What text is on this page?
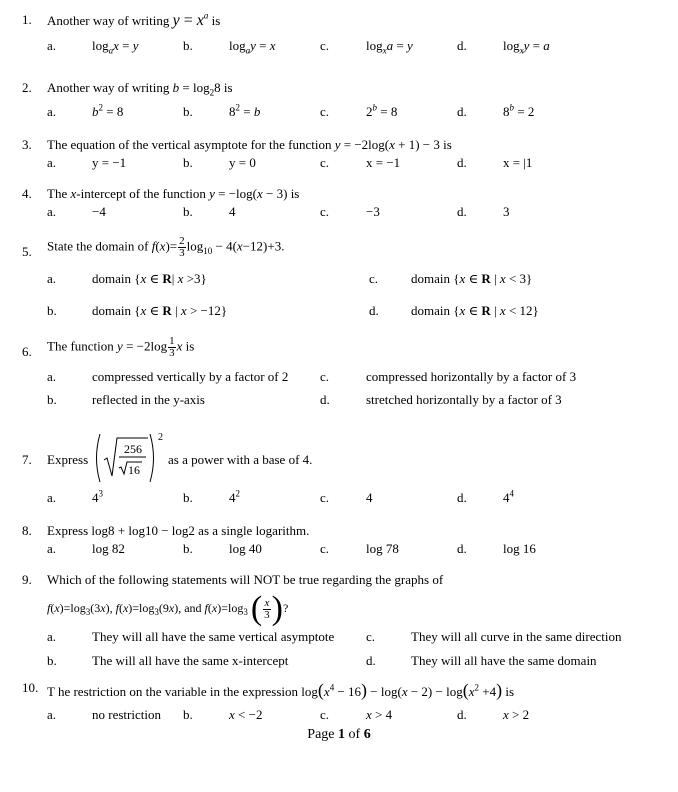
1. Another way of writing $y = x^a$ is
a.	$\log_ax = y$	b.	$\log_ay = x$	c.	$\log_xa = y$	d.	$\log_xy = a$
2. Another way of writing $b = \log_28$ is
a.	$b^2 = 8$	b.	$8^2 = b$	c.	$2^b = 8$	d.	$8^b = 2$
3. The equation of the vertical asymptote for the function y = −2log(x + 1) − 3 is
a.	y = −1	b.	y = 0	c.	x = −1	d.	x = |1
4. The x-intercept of the function y = −log(x − 3) is
a.	−4	b.	4	c.	−3	d.	3
5. State the domain of $f(x)= \frac{2}{3} \log_{10} - 4(x-12)+3$.
a.	domain {x ∈ R| x >3}	c.	domain {x ∈ R | x < 3}
b.	domain {x ∈ R | x > −12}	d. domain {x ∈ R | x < 12}
6. The function $y = -2\log \frac{1}{3}$ x is
a.	compressed vertically by a factor of 2 c.	compressed horizontally by a factor of 3
b.	reflected in the y-axis	d.	stretched horizontally by a factor of 3
7. Express
256
16
2
as a power with a base of 4.
a.	$4^3$	b.	$4^2$	c.	4	d.	$4^4$
8. Express log8 + log10 − log2 as a single logarithm.
a.	log 82	b.	log 40	c.	log 78	d.	log 16
9. Which of the following statements will NOT be true regarding the graphs of
$f(x)=\log_3(3x)$, $f(x)=\log_3(9x)$, and $f(x)=\log_3$ ( $\frac{x}{3}$ )?
a.	They will all have the same vertical asymptote c.	They will all curve in the same direction
b.	The will all have the same x-intercept	d.	They will all have the same domain
10. T he restriction on the variable in the expression $\log(x^4 - 16) - \log(x - 2) - \log(x^2 +4)$ is
a.	no restriction b.	x < −2	c.	x > 4	d.	x > 2
Page 1 of 6
